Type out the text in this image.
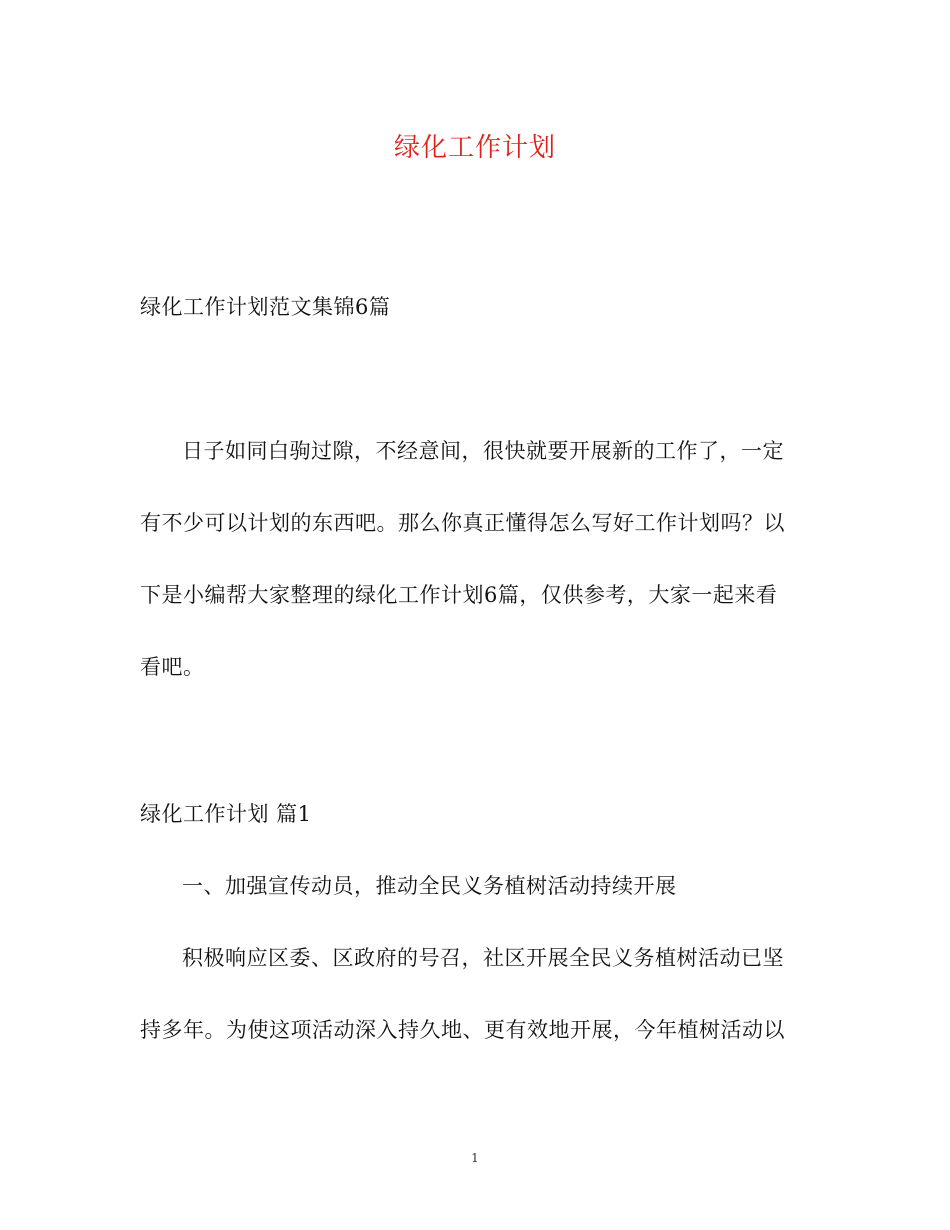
绿化工作计划
绿化工作计划范文集锦6篇
日子如同白驹过隙，不经意间，很快就要开展新的工作了，一定
有不少可以计划的东西吧。那么你真正懂得怎么写好工作计划吗？以
下是小编帮大家整理的绿化工作计划6篇，仅供参考，大家一起来看
看吧。
绿化工作计划 篇1
一、加强宣传动员，推动全民义务植树活动持续开展
积极响应区委、区政府的号召，社区开展全民义务植树活动已坚
持多年。为使这项活动深入持久地、更有效地开展，今年植树活动以
1
